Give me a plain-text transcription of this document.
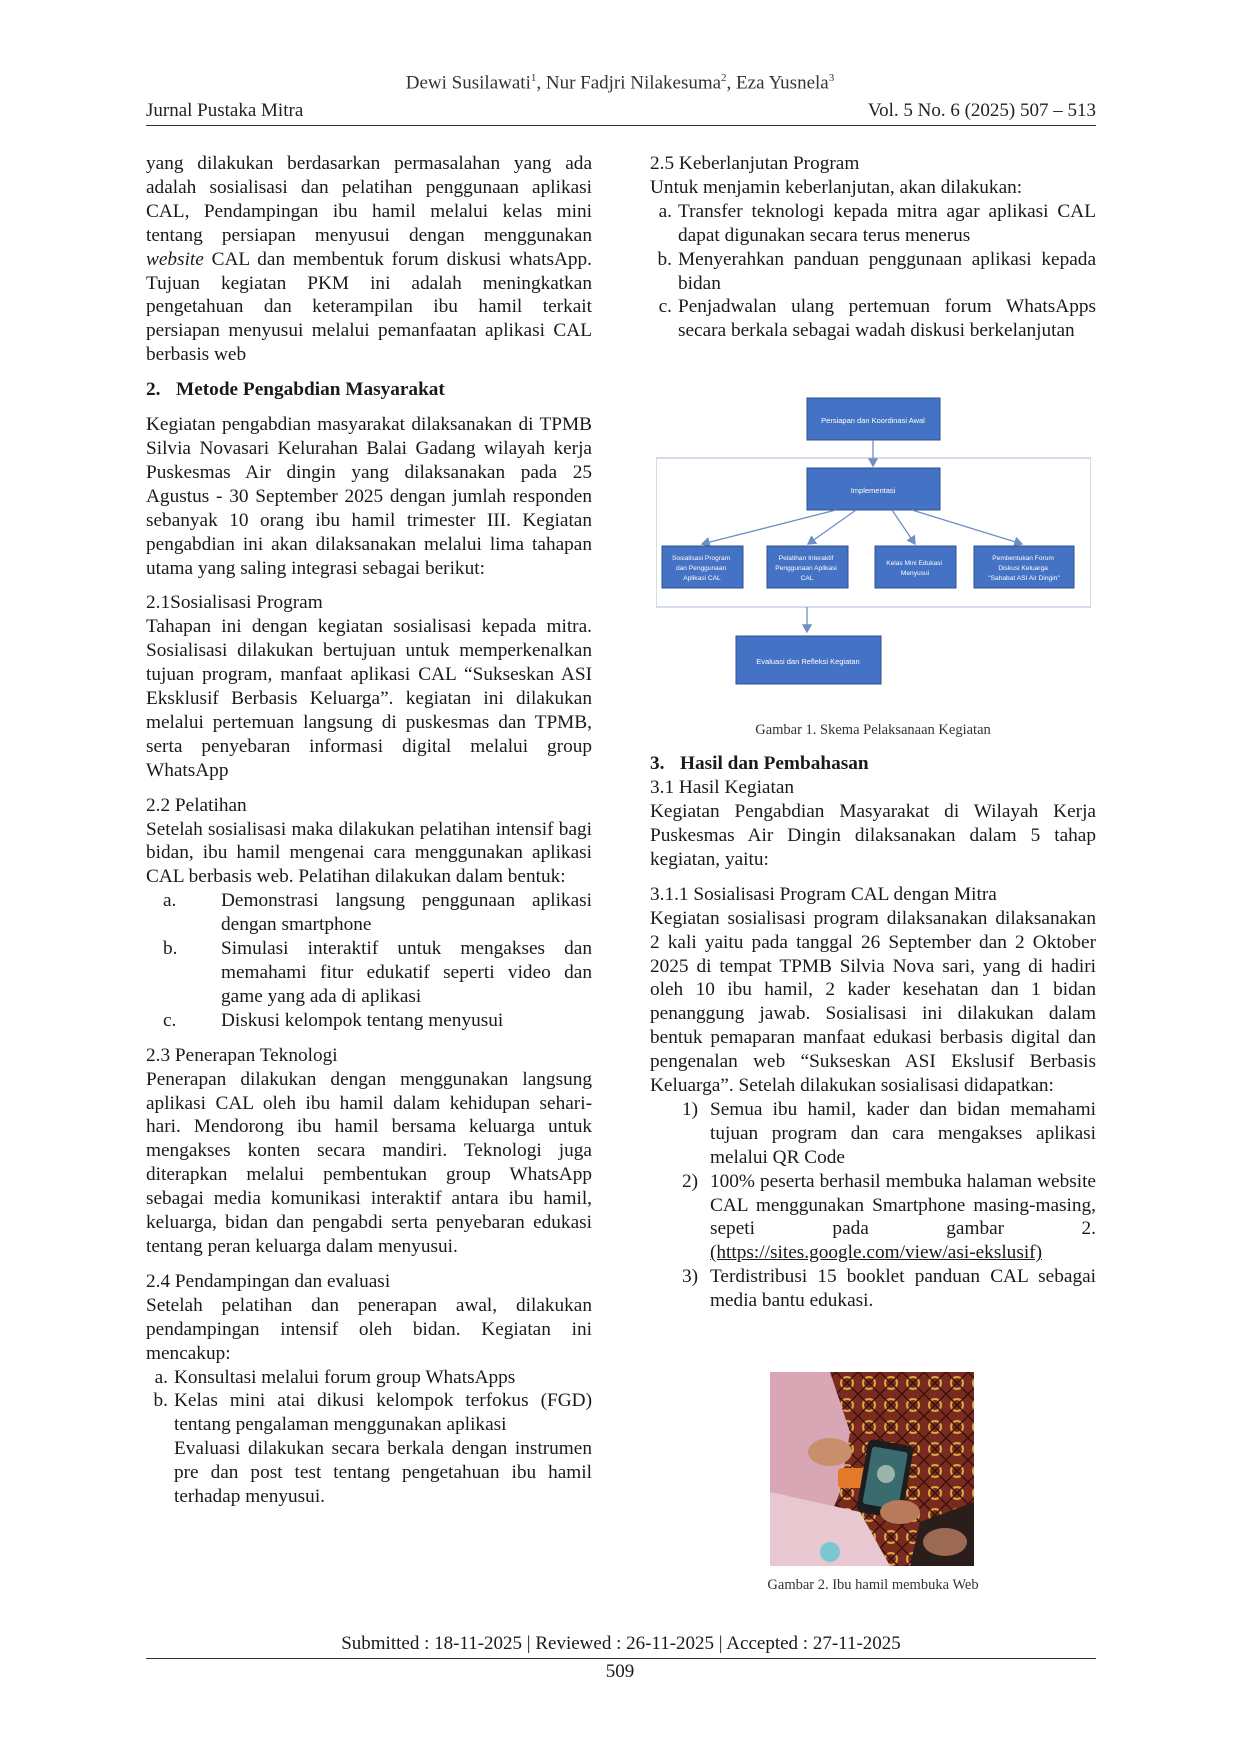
Dewi Susilawati$^1$, Nur Fadjri Nilakesuma$^2$, Eza Yusnela$^3$
Jurnal Pustaka Mitra	Vol. 5 No. 6 (2025) 507 – 513

yang dilakukan berdasarkan permasalahan yang ada adalah sosialisasi dan pelatihan penggunaan aplikasi CAL, Pendampingan ibu hamil melalui kelas mini tentang persiapan menyusui dengan menggunakan website CAL dan membentuk forum diskusi whatsApp. Tujuan kegiatan PKM ini adalah meningkatkan pengetahuan dan keterampilan ibu hamil terkait persiapan menyusui melalui pemanfaatan aplikasi CAL berbasis web

2. Metode Pengabdian Masyarakat

Kegiatan pengabdian masyarakat dilaksanakan di TPMB Silvia Novasari Kelurahan Balai Gadang wilayah kerja Puskesmas Air dingin yang dilaksanakan pada 25 Agustus - 30 September 2025 dengan jumlah responden sebanyak 10 orang ibu hamil trimester III. Kegiatan pengabdian ini akan dilaksanakan melalui lima tahapan utama yang saling integrasi sebagai berikut:

2.1Sosialisasi Program

Tahapan ini dengan kegiatan sosialisasi kepada mitra. Sosialisasi dilakukan bertujuan untuk memperkenalkan tujuan program, manfaat aplikasi CAL “Sukseskan ASI Eksklusif Berbasis Keluarga”. kegiatan ini dilakukan melalui pertemuan langsung di puskesmas dan TPMB, serta penyebaran informasi digital melalui group WhatsApp

2.2 Pelatihan

Setelah sosialisasi maka dilakukan pelatihan intensif bagi bidan, ibu hamil mengenai cara menggunakan aplikasi CAL berbasis web. Pelatihan dilakukan dalam bentuk:

a.	Demonstrasi langsung penggunaan aplikasi dengan smartphone
b.	Simulasi interaktif untuk mengakses dan memahami fitur edukatif seperti video dan game yang ada di aplikasi
c.	Diskusi kelompok tentang menyusui

2.3 Penerapan Teknologi

Penerapan dilakukan dengan menggunakan langsung aplikasi CAL oleh ibu hamil dalam kehidupan sehari-hari. Mendorong ibu hamil bersama keluarga untuk mengakses konten secara mandiri. Teknologi juga diterapkan melalui pembentukan group WhatsApp sebagai media komunikasi interaktif antara ibu hamil, keluarga, bidan dan pengabdi serta penyebaran edukasi tentang peran keluarga dalam menyusui.

2.4 Pendampingan dan evaluasi

Setelah pelatihan dan penerapan awal, dilakukan pendampingan intensif oleh bidan. Kegiatan ini mencakup:

a. Konsultasi melalui forum group WhatsApps
b. Kelas mini atai dikusi kelompok terfokus (FGD) tentang pengalaman menggunakan aplikasi
Evaluasi dilakukan secara berkala dengan instrumen pre dan post test tentang pengetahuan ibu hamil terhadap menyusui.

2.5 Keberlanjutan Program

Untuk menjamin keberlanjutan, akan dilakukan:

a. Transfer teknologi kepada mitra agar aplikasi CAL dapat digunakan secara terus menerus
b. Menyerahkan panduan penggunaan aplikasi kepada bidan
c. Penjadwalan ulang pertemuan forum WhatsApps secara berkala sebagai wadah diskusi berkelanjutan

3. Hasil dan Pembahasan

3.1 Hasil Kegiatan

Kegiatan Pengabdian Masyarakat di Wilayah Kerja Puskesmas Air Dingin dilaksanakan dalam 5 tahap kegiatan, yaitu:

3.1.1 Sosialisasi Program CAL dengan Mitra

Kegiatan sosialisasi program dilaksanakan dilaksanakan 2 kali yaitu pada tanggal 26 September dan 2 Oktober 2025 di tempat TPMB Silvia Nova sari, yang di hadiri oleh 10 ibu hamil, 2 kader kesehatan dan 1 bidan penanggung jawab. Sosialisasi ini dilakukan dalam bentuk pemaparan manfaat edukasi berbasis digital dan pengenalan web “Sukseskan ASI Ekslusif Berbasis Keluarga”. Setelah dilakukan sosialisasi didapatkan:

1) Semua ibu hamil, kader dan bidan memahami tujuan program dan cara mengakses aplikasi melalui QR Code
2) 100% peserta berhasil membuka halaman website CAL menggunakan Smartphone masing-masing, sepeti pada gambar 2. (https://sites.google.com/view/asi-ekslusif)
3) Terdistribusi 15 booklet panduan CAL sebagai media bantu edukasi.
Persiapan dan Koordinasi Awal
Implementasi
Sosialisasi Program dan Penggunaan Aplikasi CAL
Pelatihan Interaktif Penggunaan Aplikasi CAL
Kelas Mini Edukasi Menyusui
Pembentukan Forum Diskusi Keluarga "Sahabat ASI Air Dingin"
Evaluasi dan Refleksi Kegiatan
Gambar 1. Skema Pelaksanaan Kegiatan
Gambar 2. Ibu hamil membuka Web
Submitted : 18-11-2025 | Reviewed : 26-11-2025 | Accepted : 27-11-2025
509
